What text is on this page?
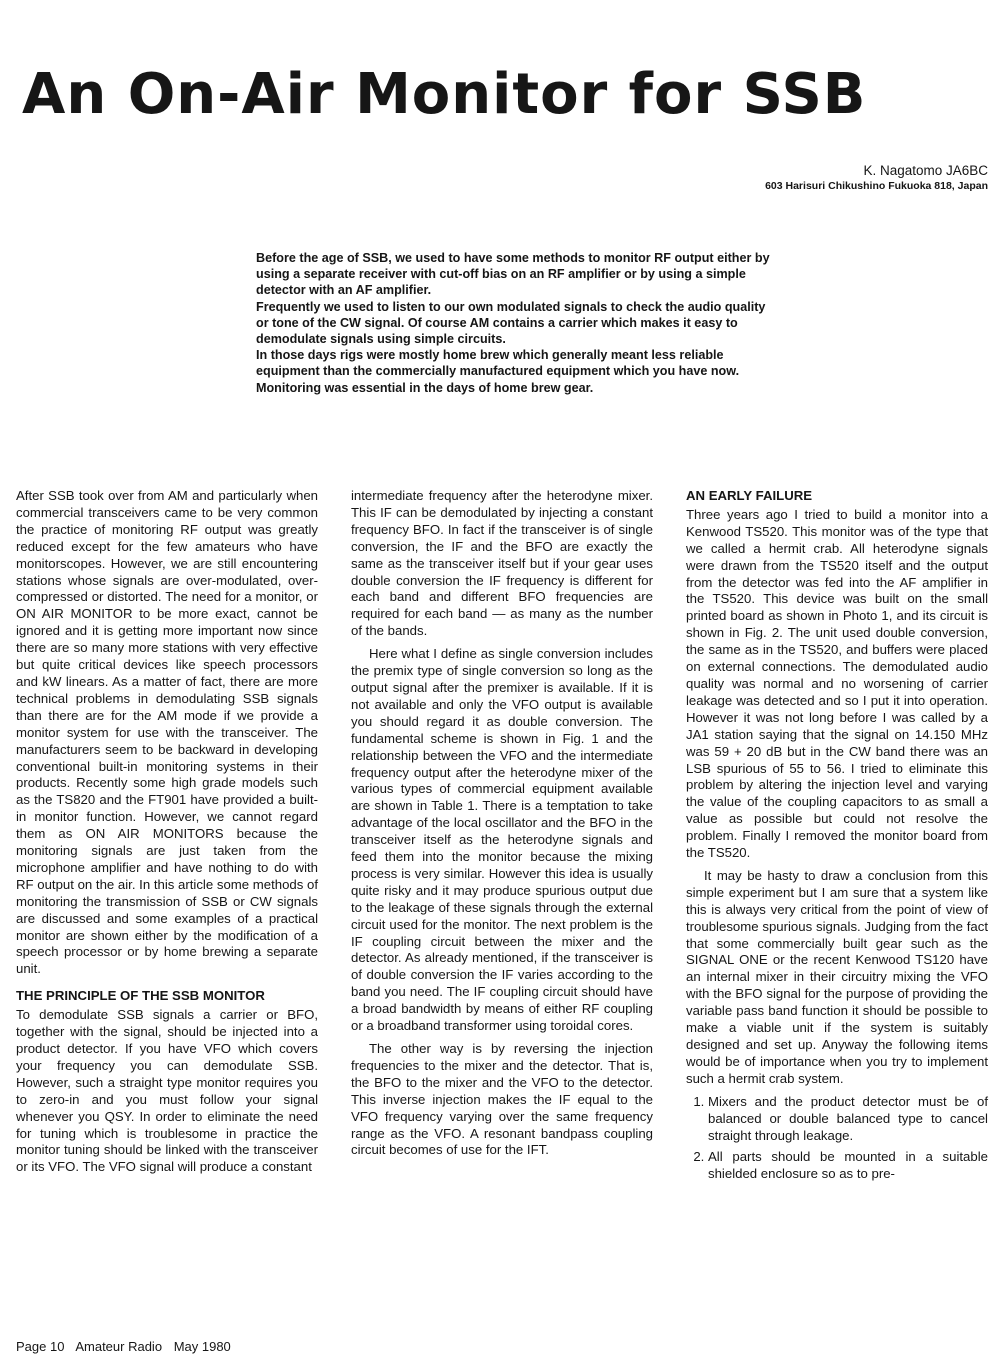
An On-Air Monitor for SSB
K. Nagatomo JA6BC
603 Harisuri Chikushino Fukuoka 818, Japan

Before the age of SSB, we used to have some methods to monitor RF output either by using a separate receiver with cut-off bias on an RF amplifier or by using a simple detector with an AF amplifier.

Frequently we used to listen to our own modulated signals to check the audio quality or tone of the CW signal. Of course AM contains a carrier which makes it easy to demodulate signals using simple circuits.

In those days rigs were mostly home brew which generally meant less reliable equipment than the commercially manufactured equipment which you have now. Monitoring was essential in the days of home brew gear.

After SSB took over from AM and particularly when commercial transceivers came to be very common the practice of monitoring RF output was greatly reduced except for the few amateurs who have monitorscopes. However, we are still encountering stations whose signals are over-modulated, over-compressed or distorted. The need for a monitor, or ON AIR MONITOR to be more exact, cannot be ignored and it is getting more important now since there are so many more stations with very effective but quite critical devices like speech processors and kW linears. As a matter of fact, there are more technical problems in demodulating SSB signals than there are for the AM mode if we provide a monitor system for use with the transceiver. The manufacturers seem to be backward in developing conventional built-in monitoring systems in their products. Recently some high grade models such as the TS820 and the FT901 have provided a built-in monitor function. However, we cannot regard them as ON AIR MONITORS because the monitoring signals are just taken from the microphone amplifier and have nothing to do with RF output on the air. In this article some methods of monitoring the transmission of SSB or CW signals are discussed and some examples of a practical monitor are shown either by the modification of a speech processor or by home brewing a separate unit.

THE PRINCIPLE OF THE SSB MONITOR

To demodulate SSB signals a carrier or BFO, together with the signal, should be injected into a product detector. If you have VFO which covers your frequency you can demodulate SSB. However, such a straight type monitor requires you to zero-in and you must follow your signal whenever you QSY. In order to eliminate the need for tuning which is troublesome in practice the monitor tuning should be linked with the transceiver or its VFO. The VFO signal will produce a constant

intermediate frequency after the heterodyne mixer. This IF can be demodulated by injecting a constant frequency BFO. In fact if the transceiver is of single conversion, the IF and the BFO are exactly the same as the transceiver itself but if your gear uses double conversion the IF frequency is different for each band and different BFO frequencies are required for each band — as many as the number of the bands.

Here what I define as single conversion includes the premix type of single conversion so long as the output signal after the premixer is available. If it is not available and only the VFO output is available you should regard it as double conversion. The fundamental scheme is shown in Fig. 1 and the relationship between the VFO and the intermediate frequency output after the heterodyne mixer of the various types of commercial equipment available are shown in Table 1. There is a temptation to take advantage of the local oscillator and the BFO in the transceiver itself as the heterodyne signals and feed them into the monitor because the mixing process is very similar. However this idea is usually quite risky and it may produce spurious output due to the leakage of these signals through the external circuit used for the monitor. The next problem is the IF coupling circuit between the mixer and the detector. As already mentioned, if the transceiver is of double conversion the IF varies according to the band you need. The IF coupling circuit should have a broad bandwidth by means of either RF coupling or a broadband transformer using toroidal cores.

The other way is by reversing the injection frequencies to the mixer and the detector. That is, the BFO to the mixer and the VFO to the detector. This inverse injection makes the IF equal to the VFO frequency varying over the same frequency range as the VFO. A resonant bandpass coupling circuit becomes of use for the IFT.

AN EARLY FAILURE

Three years ago I tried to build a monitor into a Kenwood TS520. This monitor was of the type that we called a hermit crab. All heterodyne signals were drawn from the TS520 itself and the output from the detector was fed into the AF amplifier in the TS520. This device was built on the small printed board as shown in Photo 1, and its circuit is shown in Fig. 2. The unit used double conversion, the same as in the TS520, and buffers were placed on external connections. The demodulated audio quality was normal and no worsening of carrier leakage was detected and so I put it into operation. However it was not long before I was called by a JA1 station saying that the signal on 14.150 MHz was 59 + 20 dB but in the CW band there was an LSB spurious of 55 to 56. I tried to eliminate this problem by altering the injection level and varying the value of the coupling capacitors to as small a value as possible but could not resolve the problem. Finally I removed the monitor board from the TS520.

It may be hasty to draw a conclusion from this simple experiment but I am sure that a system like this is always very critical from the point of view of troublesome spurious signals. Judging from the fact that some commercially built gear such as the SIGNAL ONE or the recent Kenwood TS120 have an internal mixer in their circuitry mixing the VFO with the BFO signal for the purpose of providing the variable pass band function it should be possible to make a viable unit if the system is suitably designed and set up. Anyway the following items would be of importance when you try to implement such a hermit crab system.

1. Mixers and the product detector must be of balanced or double balanced type to cancel straight through leakage.
2. All parts should be mounted in a suitable shielded enclosure so as to pre-
Page 10 Amateur Radio May 1980
